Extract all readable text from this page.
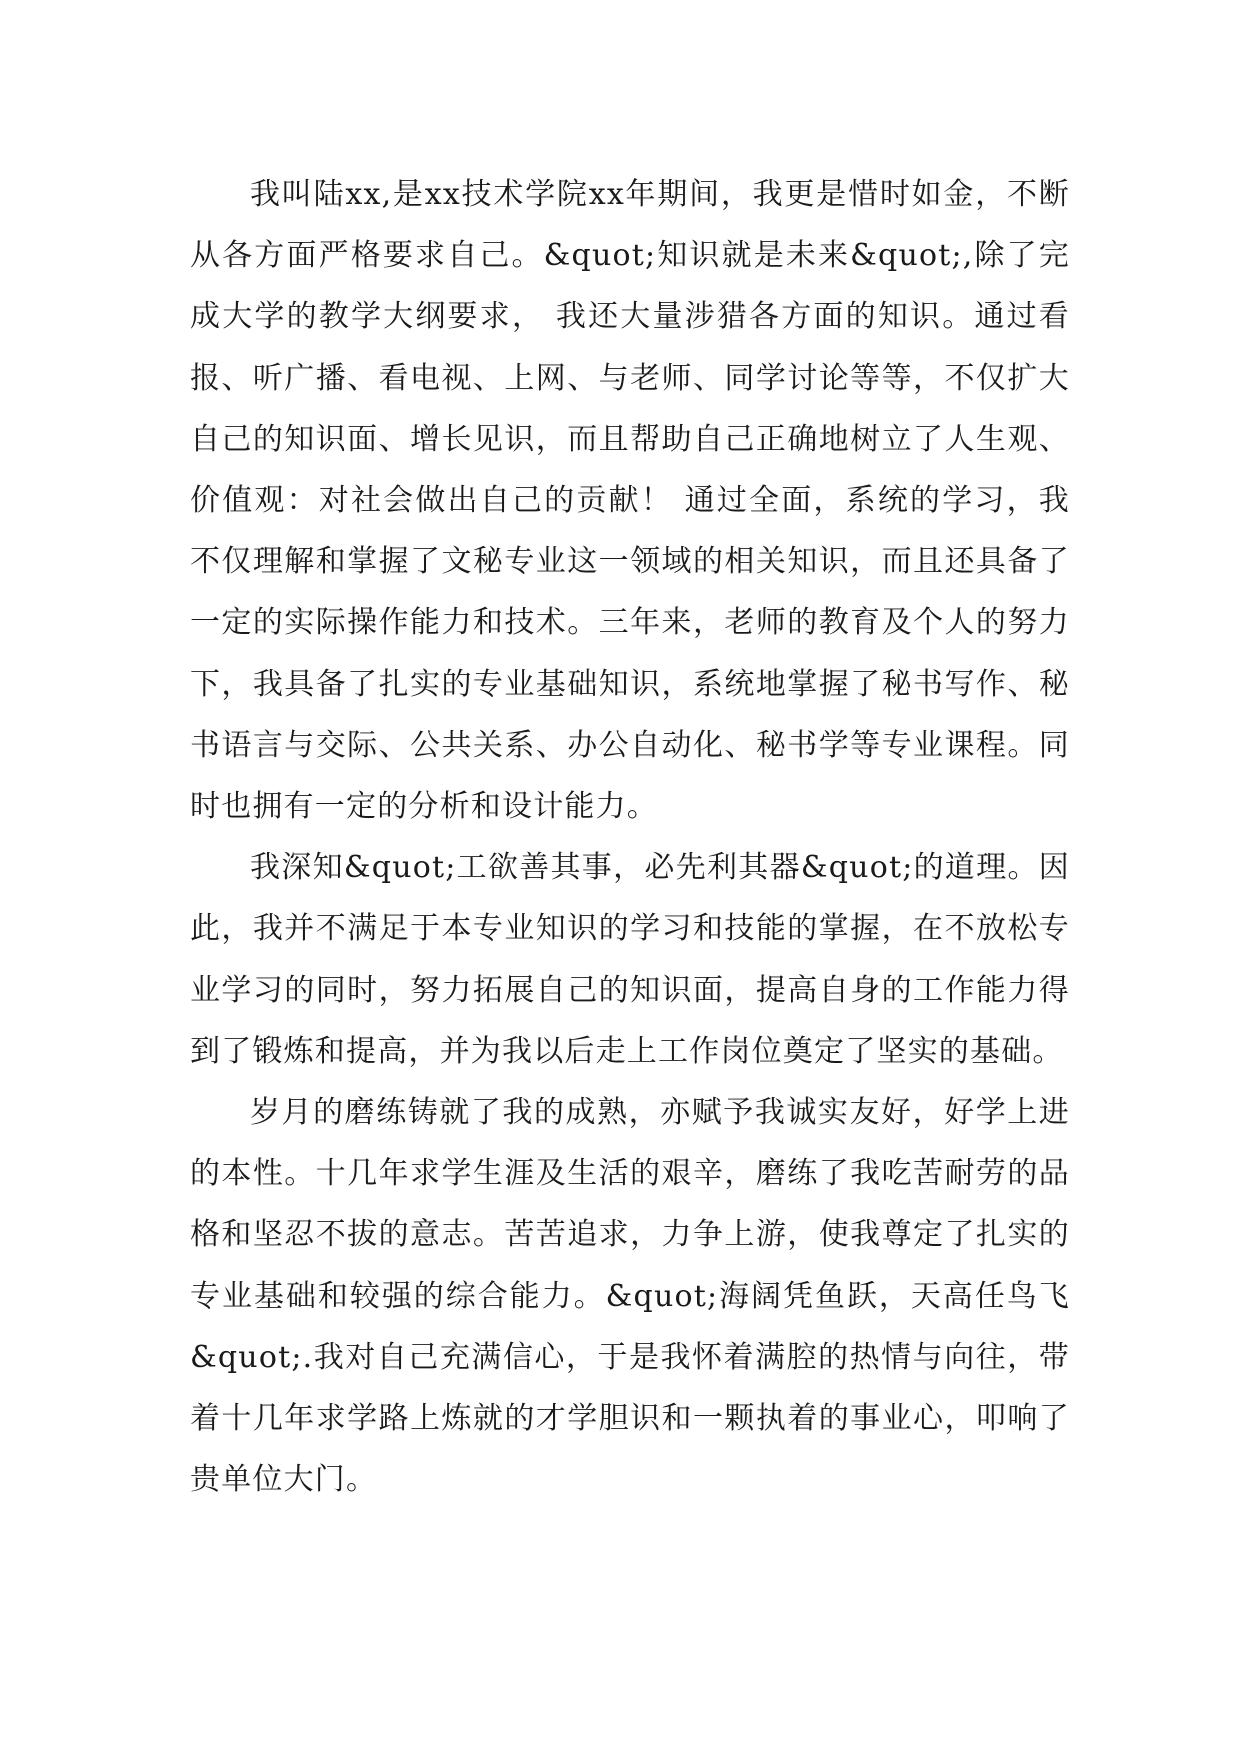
我叫陆xx,是xx技术学院xx年期间，我更是惜时如金，不断从各方面严格要求自己。&quot;知识就是未来&quot;,除了完成大学的教学大纲要求， 我还大量涉猎各方面的知识。通过看报、听广播、看电视、上网、与老师、同学讨论等等，不仅扩大自己的知识面、增长见识，而且帮助自己正确地树立了人生观、价值观：对社会做出自己的贡献！ 通过全面，系统的学习，我不仅理解和掌握了文秘专业这一领域的相关知识，而且还具备了一定的实际操作能力和技术。三年来，老师的教育及个人的努力下，我具备了扎实的专业基础知识，系统地掌握了秘书写作、秘书语言与交际、公共关系、办公自动化、秘书学等专业课程。同时也拥有一定的分析和设计能力。

我深知&quot;工欲善其事，必先利其器&quot;的道理。因此，我并不满足于本专业知识的学习和技能的掌握，在不放松专业学习的同时，努力拓展自己的知识面，提高自身的工作能力得到了锻炼和提高，并为我以后走上工作岗位奠定了坚实的基础。

岁月的磨练铸就了我的成熟，亦赋予我诚实友好，好学上进的本性。十几年求学生涯及生活的艰辛，磨练了我吃苦耐劳的品格和坚忍不拔的意志。苦苦追求，力争上游，使我尊定了扎实的专业基础和较强的综合能力。&quot;海阔凭鱼跃，天高任鸟飞&quot;.我对自己充满信心，于是我怀着满腔的热情与向往，带着十几年求学路上炼就的才学胆识和一颗执着的事业心，叩响了贵单位大门。
